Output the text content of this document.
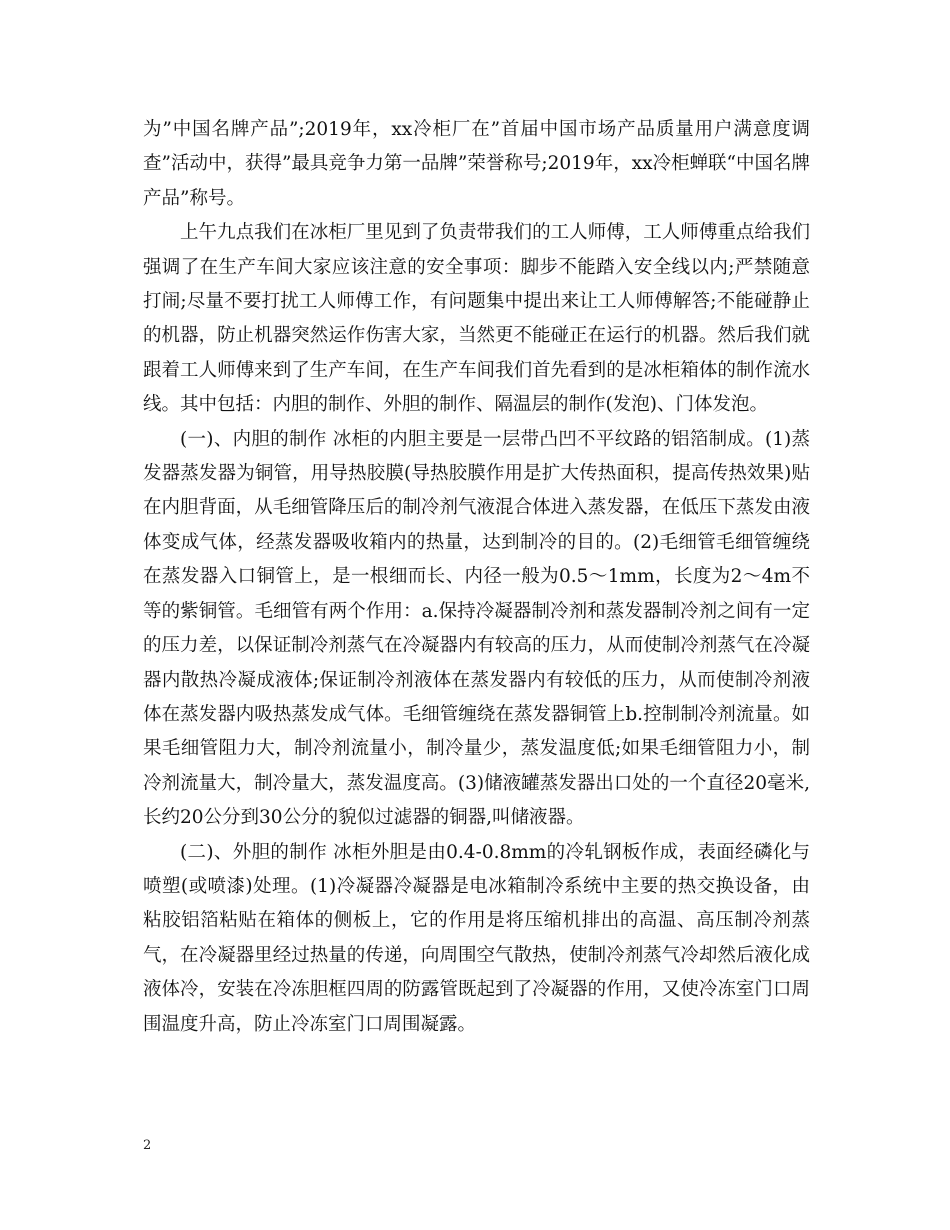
为”中国名牌产品”;2019年，xx冷柜厂在”首届中国市场产品质量用户满意度调查”活动中，获得”最具竞争力第一品牌”荣誉称号;2019年，xx冷柜蝉联“中国名牌产品”称号。

上午九点我们在冰柜厂里见到了负责带我们的工人师傅，工人师傅重点给我们强调了在生产车间大家应该注意的安全事项：脚步不能踏入安全线以内;严禁随意打闹;尽量不要打扰工人师傅工作，有问题集中提出来让工人师傅解答;不能碰静止的机器，防止机器突然运作伤害大家，当然更不能碰正在运行的机器。然后我们就跟着工人师傅来到了生产车间，在生产车间我们首先看到的是冰柜箱体的制作流水线。其中包括：内胆的制作、外胆的制作、隔温层的制作(发泡)、门体发泡。

(一)、内胆的制作 冰柜的内胆主要是一层带凸凹不平纹路的铝箔制成。(1)蒸发器蒸发器为铜管，用导热胶膜(导热胶膜作用是扩大传热面积，提高传热效果)贴在内胆背面，从毛细管降压后的制冷剂气液混合体进入蒸发器，在低压下蒸发由液体变成气体，经蒸发器吸收箱内的热量，达到制冷的目的。(2)毛细管毛细管缠绕在蒸发器入口铜管上，是一根细而长、内径一般为0.5～1mm，长度为2～4m不等的紫铜管。毛细管有两个作用：a.保持冷凝器制冷剂和蒸发器制冷剂之间有一定的压力差，以保证制冷剂蒸气在冷凝器内有较高的压力，从而使制冷剂蒸气在冷凝器内散热冷凝成液体;保证制冷剂液体在蒸发器内有较低的压力，从而使制冷剂液体在蒸发器内吸热蒸发成气体。毛细管缠绕在蒸发器铜管上b.控制制冷剂流量。如果毛细管阻力大，制冷剂流量小，制冷量少，蒸发温度低;如果毛细管阻力小，制冷剂流量大，制冷量大，蒸发温度高。(3)储液罐蒸发器出口处的一个直径20毫米,长约20公分到30公分的貌似过滤器的铜器,叫储液器。

(二)、外胆的制作 冰柜外胆是由0.4-0.8mm的冷轧钢板作成，表面经磷化与喷塑(或喷漆)处理。(1)冷凝器冷凝器是电冰箱制冷系统中主要的热交换设备，由粘胶铝箔粘贴在箱体的侧板上，它的作用是将压缩机排出的高温、高压制冷剂蒸气，在冷凝器里经过热量的传递，向周围空气散热，使制冷剂蒸气冷却然后液化成液体冷，安装在冷冻胆框四周的防露管既起到了冷凝器的作用，又使冷冻室门口周围温度升高，防止冷冻室门口周围凝露。

2
